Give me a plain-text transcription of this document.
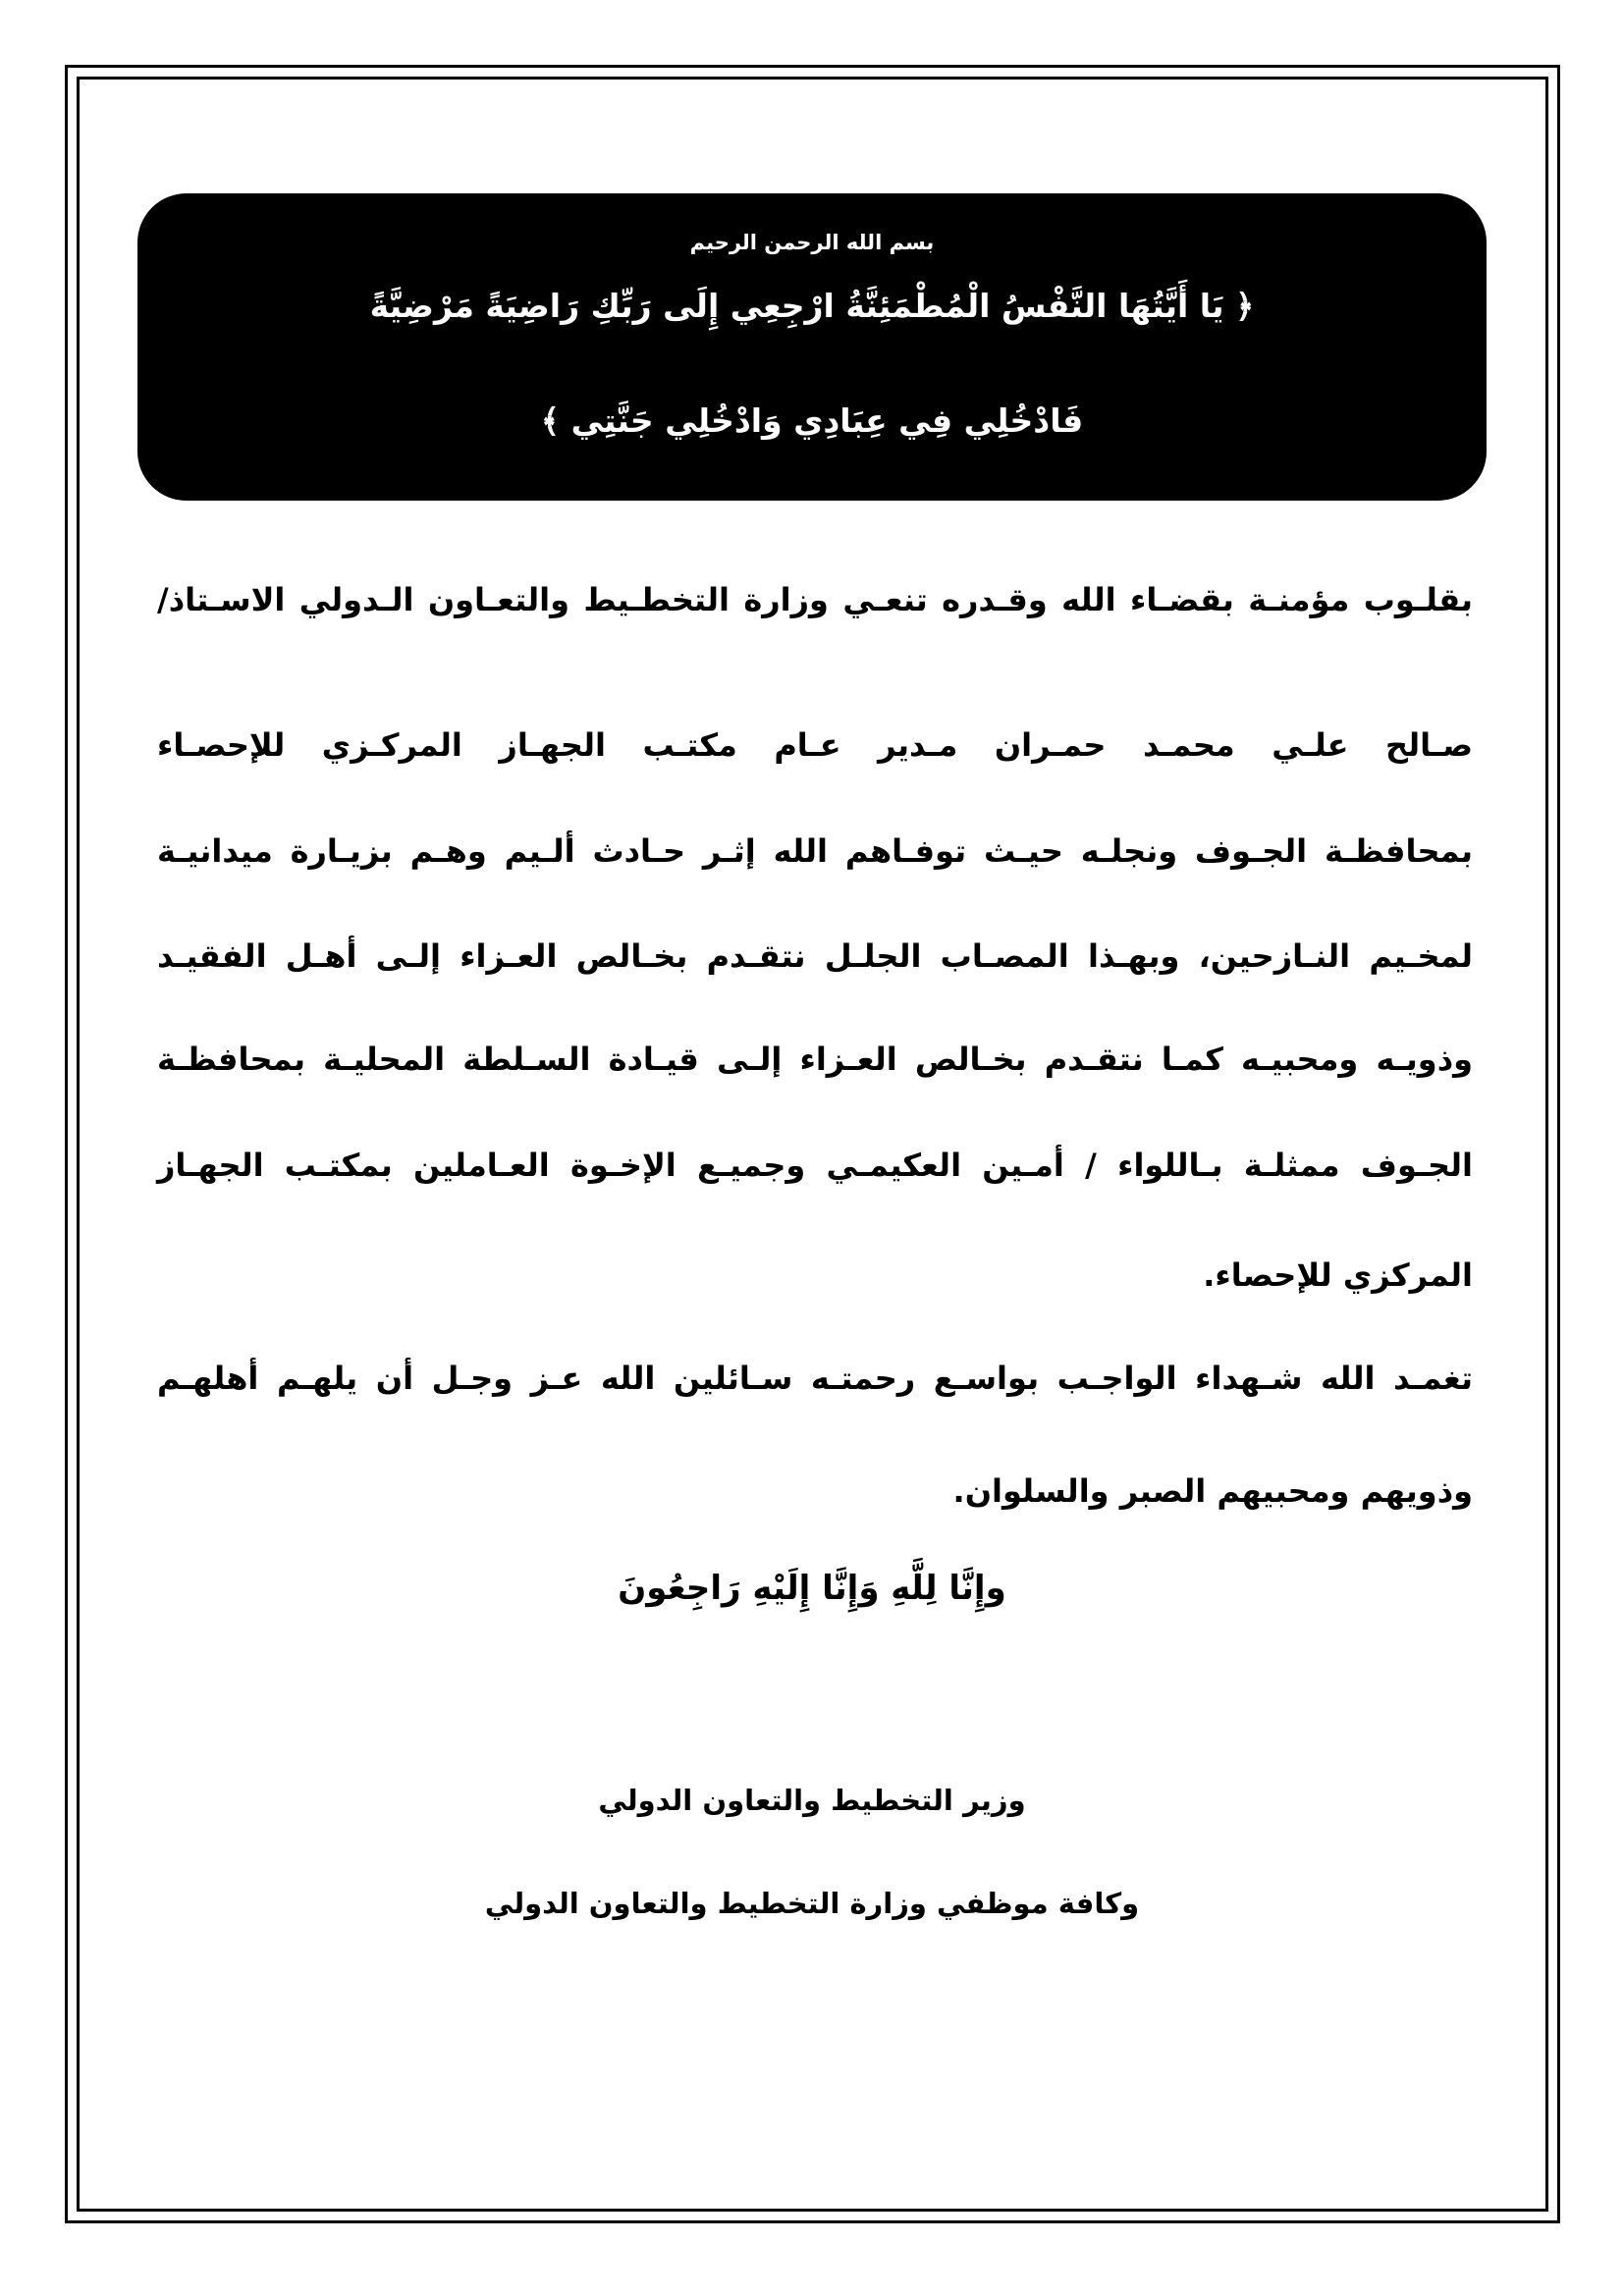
بسم الله الرحمن الرحيم
﴿ يَا أَيَّتُهَا النَّفْسُ الْمُطْمَئِنَّةُ ارْجِعِي إِلَى رَبِّكِ رَاضِيَةً مَرْضِيَّةً
فَادْخُلِي فِي عِبَادِي وَادْخُلِي جَنَّتِي ﴾
بقلـوب مؤمنـة بقضـاء الله وقـدره تنعـي وزارة التخطـيط والتعـاون الـدولي الاسـتاذ/
صـالح علـي محمـد حمـران مـدير عـام مكتـب الجهـاز المركـزي للإحصـاء
بمحافظـة الجـوف ونجلـه حيـث توفـاهم الله إثـر حـادث ألـيم وهـم بزيـارة ميدانيـة
لمخـيم النـازحين، وبهـذا المصـاب الجلـل نتقـدم بخـالص العـزاء إلـى أهـل الفقيـد
وذويـه ومحبيـه كمـا نتقـدم بخـالص العـزاء إلـى قيـادة السـلطة المحليـة بمحافظـة
الجـوف ممثلـة بـاللواء / أمـين العكيمـي وجميـع الإخـوة العـاملين بمكتـب الجهـاز
المركزي للإحصاء.
تغمـد الله شـهداء الواجـب بواسـع رحمتـه سـائلين الله عـز وجـل أن يلهـم أهلهـم
وذويهم ومحبيهم الصبر والسلوان.
وإِنَّا لِلَّهِ وَإِنَّا إِلَيْهِ رَاجِعُونَ
وزير التخطيط والتعاون الدولي
وكافة موظفي وزارة التخطيط والتعاون الدولي
